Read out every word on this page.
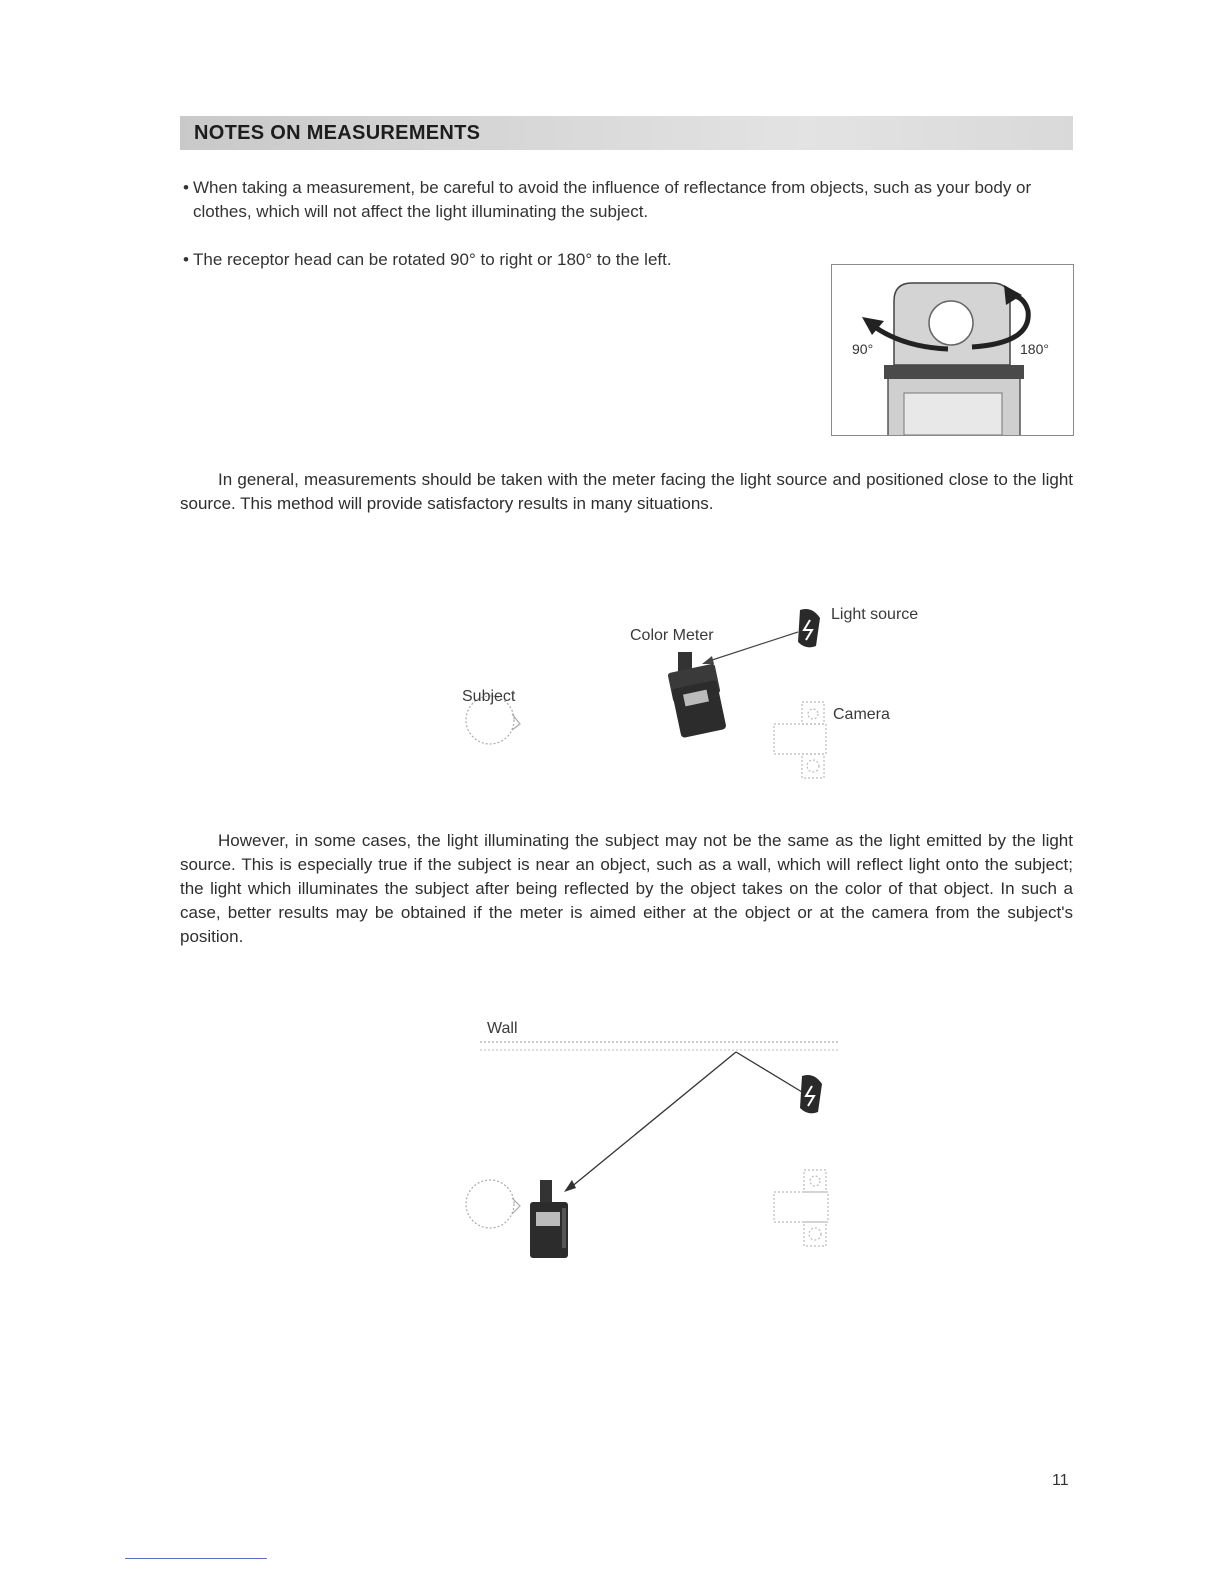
NOTES ON MEASUREMENTS
• When taking a measurement, be careful to avoid the influence of reflectance from objects, such as your body or clothes, which will not affect the light illuminating the subject.
• The receptor head can be rotated 90° to right or 180° to the left.
90°	180°

In general, measurements should be taken with the meter facing the light source and positioned close to the light source. This method will provide satisfactory results in many situations.

Light source
Color Meter
Subject
Camera

However, in some cases, the light illuminating the subject may not be the same as the light emitted by the light source. This is especially true if the subject is near an object, such as a wall, which will reflect light onto the subject; the light which illuminates the subject after being reflected by the object takes on the color of that object. In such a case, better results may be obtained if the meter is aimed either at the object or at the camera from the subject's position.

Wall
11
